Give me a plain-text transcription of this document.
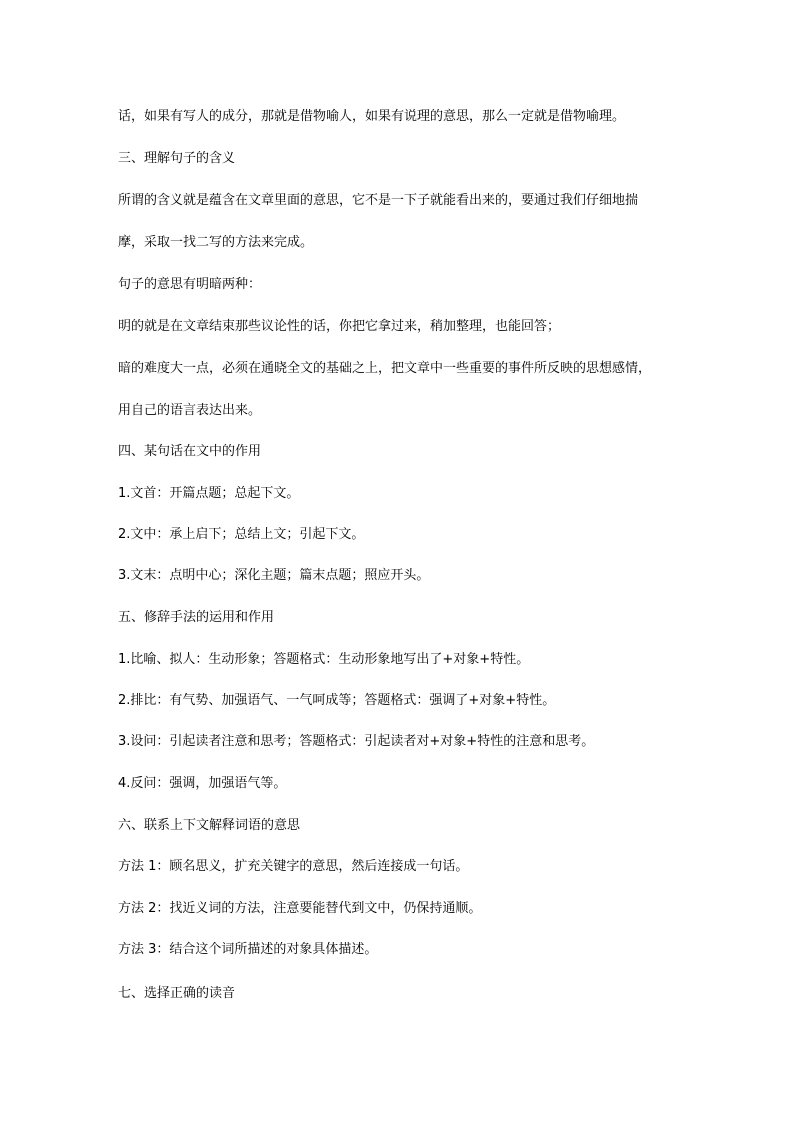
话，如果有写人的成分，那就是借物喻人，如果有说理的意思，那么一定就是借物喻理。
三、理解句子的含义
所谓的含义就是蕴含在文章里面的意思，它不是一下子就能看出来的，要通过我们仔细地揣
摩，采取一找二写的方法来完成。
句子的意思有明暗两种：
明的就是在文章结束那些议论性的话，你把它拿过来，稍加整理，也能回答；
暗的难度大一点，必须在通晓全文的基础之上，把文章中一些重要的事件所反映的思想感情，
用自己的语言表达出来。
四、某句话在文中的作用
1.文首：开篇点题；总起下文。
2.文中：承上启下；总结上文；引起下文。
3.文末：点明中心；深化主题；篇末点题；照应开头。
五、修辞手法的运用和作用
1.比喻、拟人：生动形象；答题格式：生动形象地写出了+对象+特性。
2.排比：有气势、加强语气、一气呵成等；答题格式：强调了+对象+特性。
3.设问：引起读者注意和思考；答题格式：引起读者对+对象+特性的注意和思考。
4.反问：强调，加强语气等。
六、联系上下文解释词语的意思
方法 1：顾名思义，扩充关键字的意思，然后连接成一句话。
方法 2：找近义词的方法，注意要能替代到文中，仍保持通顺。
方法 3：结合这个词所描述的对象具体描述。
七、选择正确的读音
